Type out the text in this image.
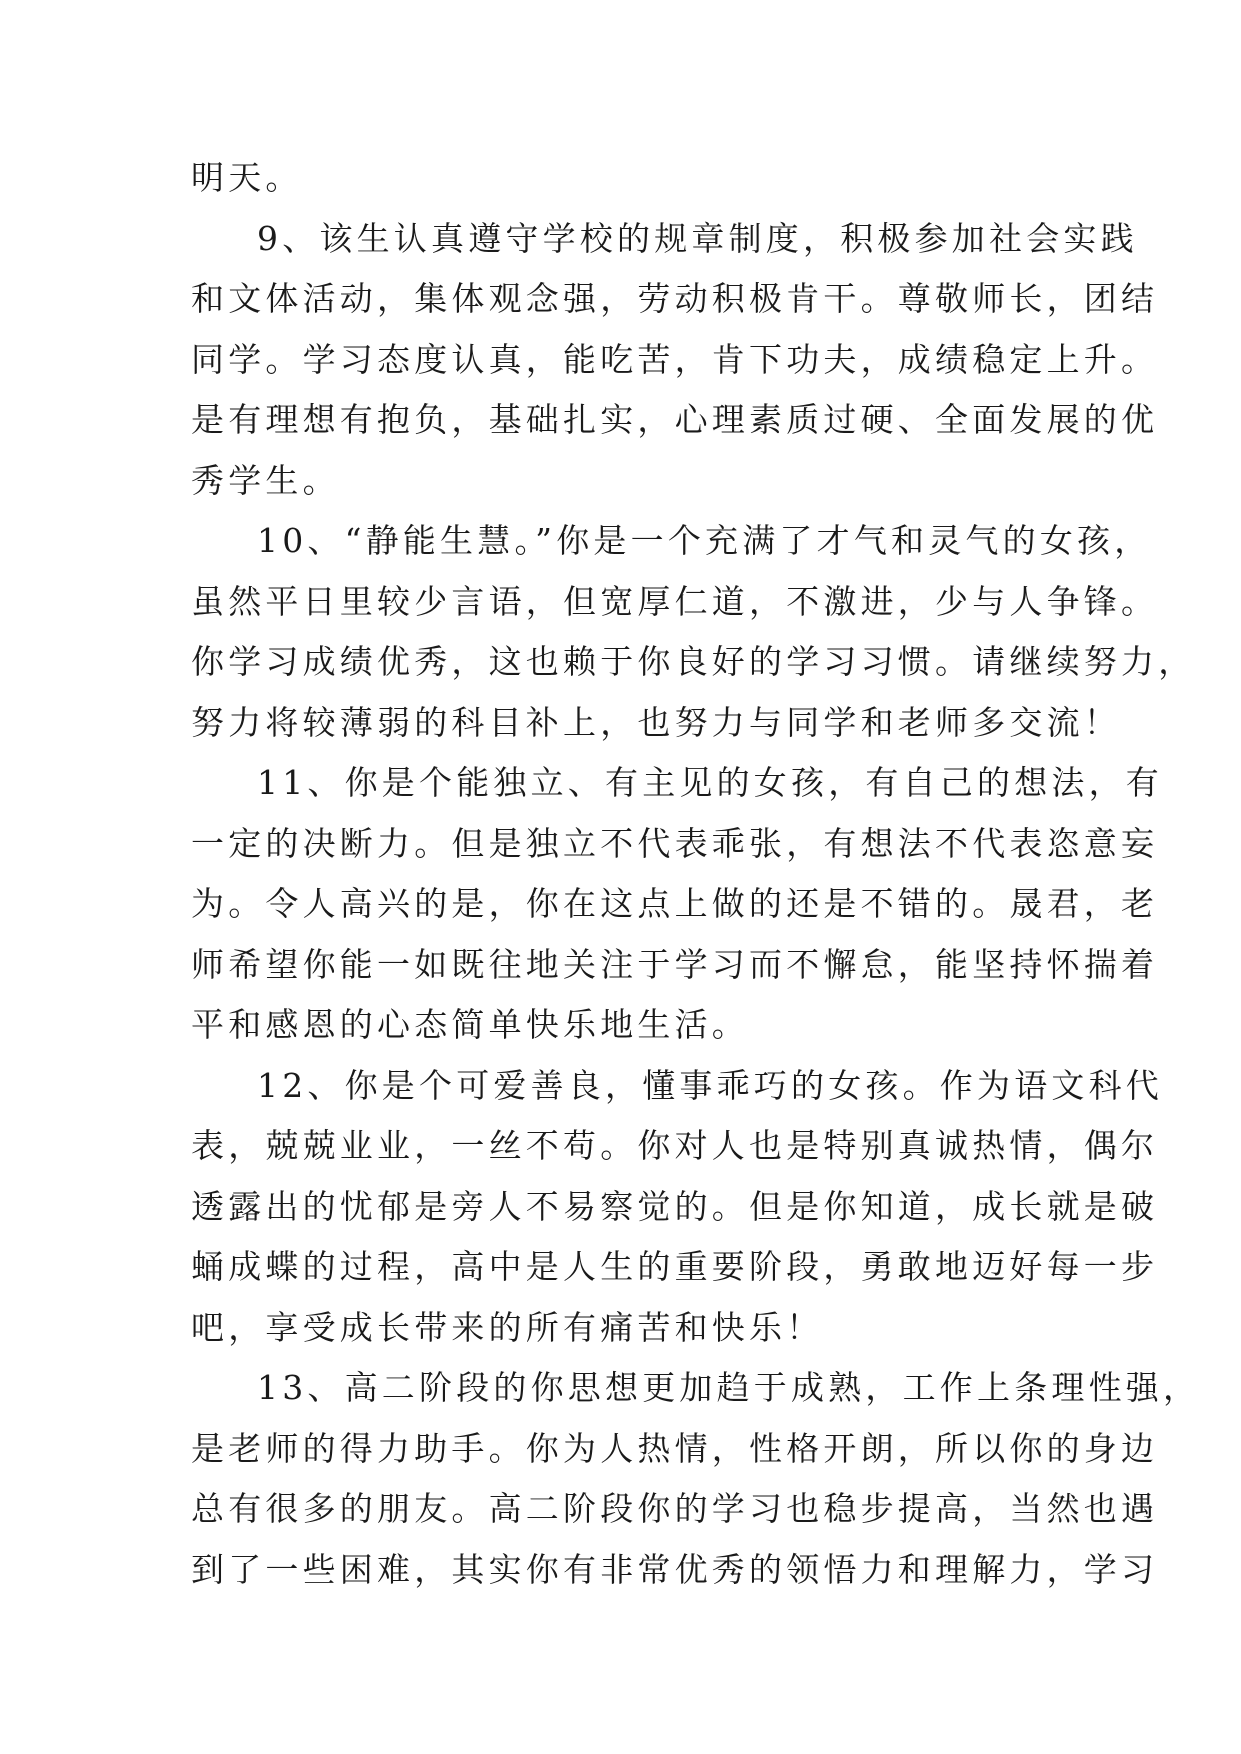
明天。
9、该生认真遵守学校的规章制度，积极参加社会实践
和文体活动，集体观念强，劳动积极肯干。尊敬师长，团结
同学。学习态度认真，能吃苦，肯下功夫，成绩稳定上升。
是有理想有抱负，基础扎实，心理素质过硬、全面发展的优
秀学生。
10、“静能生慧。”你是一个充满了才气和灵气的女孩，
虽然平日里较少言语，但宽厚仁道，不激进，少与人争锋。
你学习成绩优秀，这也赖于你良好的学习习惯。请继续努力，
努力将较薄弱的科目补上，也努力与同学和老师多交流！
11、你是个能独立、有主见的女孩，有自己的想法，有
一定的决断力。但是独立不代表乖张，有想法不代表恣意妄
为。令人高兴的是，你在这点上做的还是不错的。晟君，老
师希望你能一如既往地关注于学习而不懈怠，能坚持怀揣着
平和感恩的心态简单快乐地生活。
12、你是个可爱善良，懂事乖巧的女孩。作为语文科代
表，兢兢业业，一丝不苟。你对人也是特别真诚热情，偶尔
透露出的忧郁是旁人不易察觉的。但是你知道，成长就是破
蛹成蝶的过程，高中是人生的重要阶段，勇敢地迈好每一步
吧，享受成长带来的所有痛苦和快乐！
13、高二阶段的你思想更加趋于成熟，工作上条理性强，
是老师的得力助手。你为人热情，性格开朗，所以你的身边
总有很多的朋友。高二阶段你的学习也稳步提高，当然也遇
到了一些困难，其实你有非常优秀的领悟力和理解力，学习
